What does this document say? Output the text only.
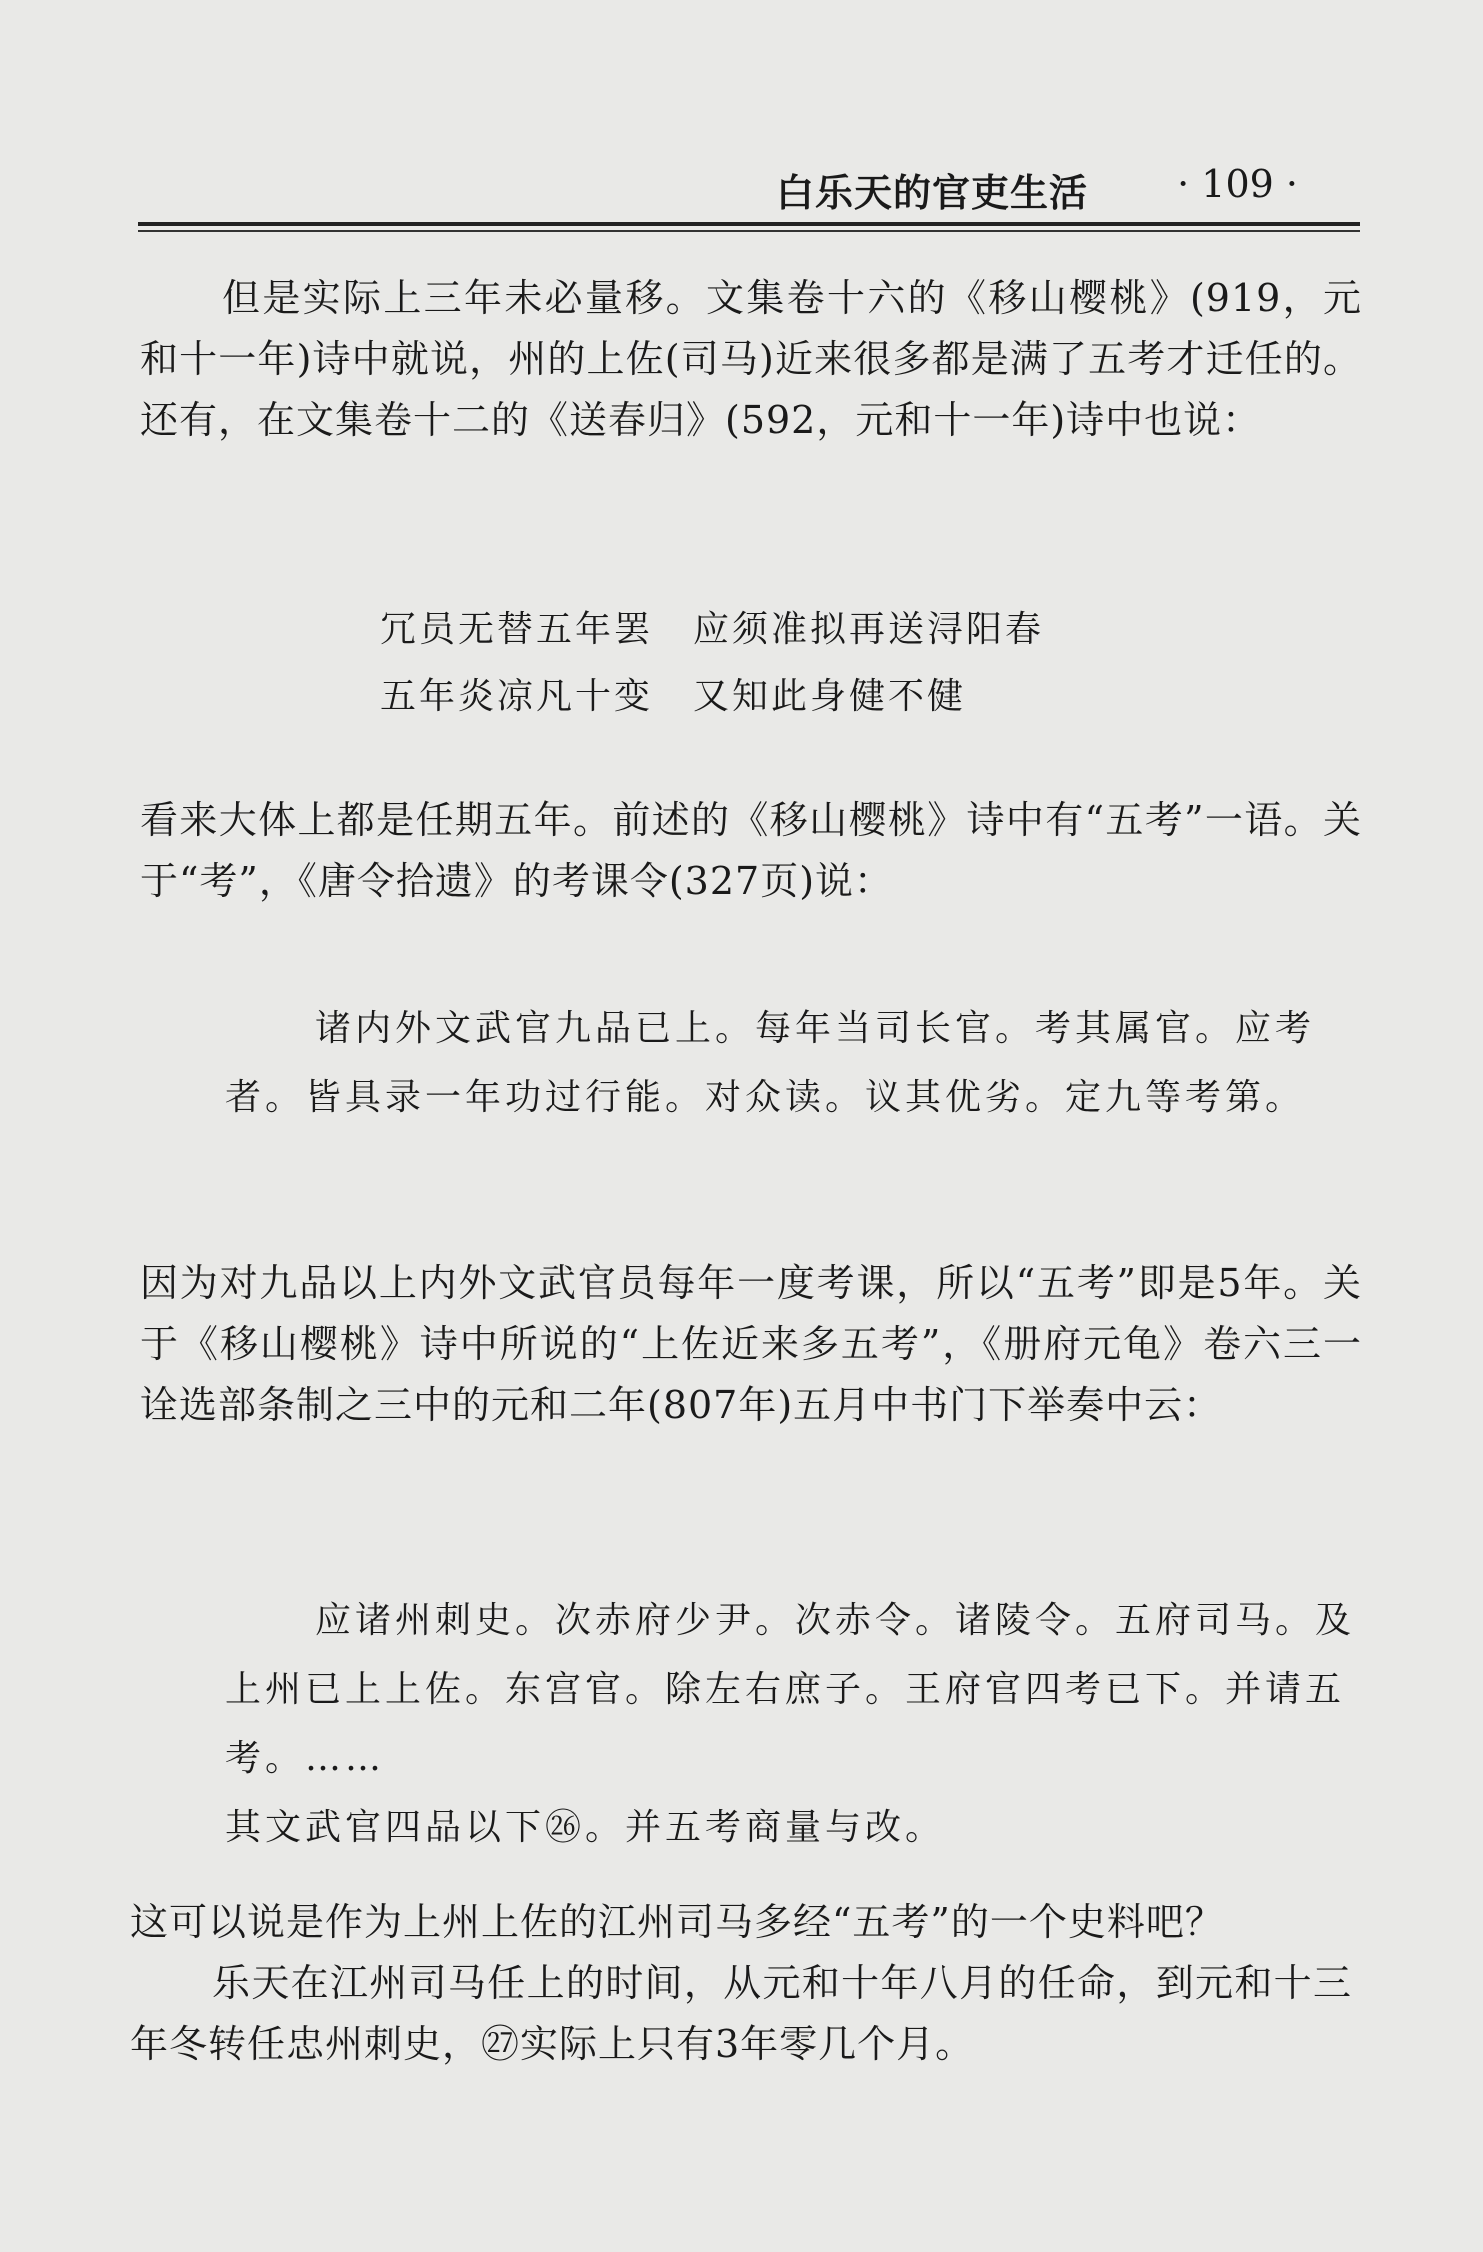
白乐天的官吏生活 · 109 ·

但是实际上三年未必量移。文集卷十六的《移山樱桃》(919，元和十一年)诗中就说，州的上佐(司马)近来很多都是满了五考才迁任的。还有，在文集卷十二的《送春归》(592，元和十一年)诗中也说：

冗员无替五年罢 应须准拟再送浔阳春

五年炎凉凡十变 又知此身健不健

看来大体上都是任期五年。前述的《移山樱桃》诗中有“五考”一语。关于“考”，《唐令拾遗》的考课令(327页)说：

诸内外文武官九品已上。每年当司长官。考其属官。应考者。皆具录一年功过行能。对众读。议其优劣。定九等考第。

因为对九品以上内外文武官员每年一度考课，所以“五考”即是5年。关于《移山樱桃》诗中所说的“上佐近来多五考”，《册府元龟》卷六三一诠选部条制之三中的元和二年(807年)五月中书门下举奏中云：

应诸州刺史。次赤府少尹。次赤令。诸陵令。五府司马。及上州已上上佐。东宫官。除左右庶子。王府官四考已下。并请五考。……

其文武官四品以下㉖。并五考商量与改。

这可以说是作为上州上佐的江州司马多经“五考”的一个史料吧？

乐天在江州司马任上的时间，从元和十年八月的任命，到元和十三年冬转任忠州刺史，㉗实际上只有3年零几个月。
